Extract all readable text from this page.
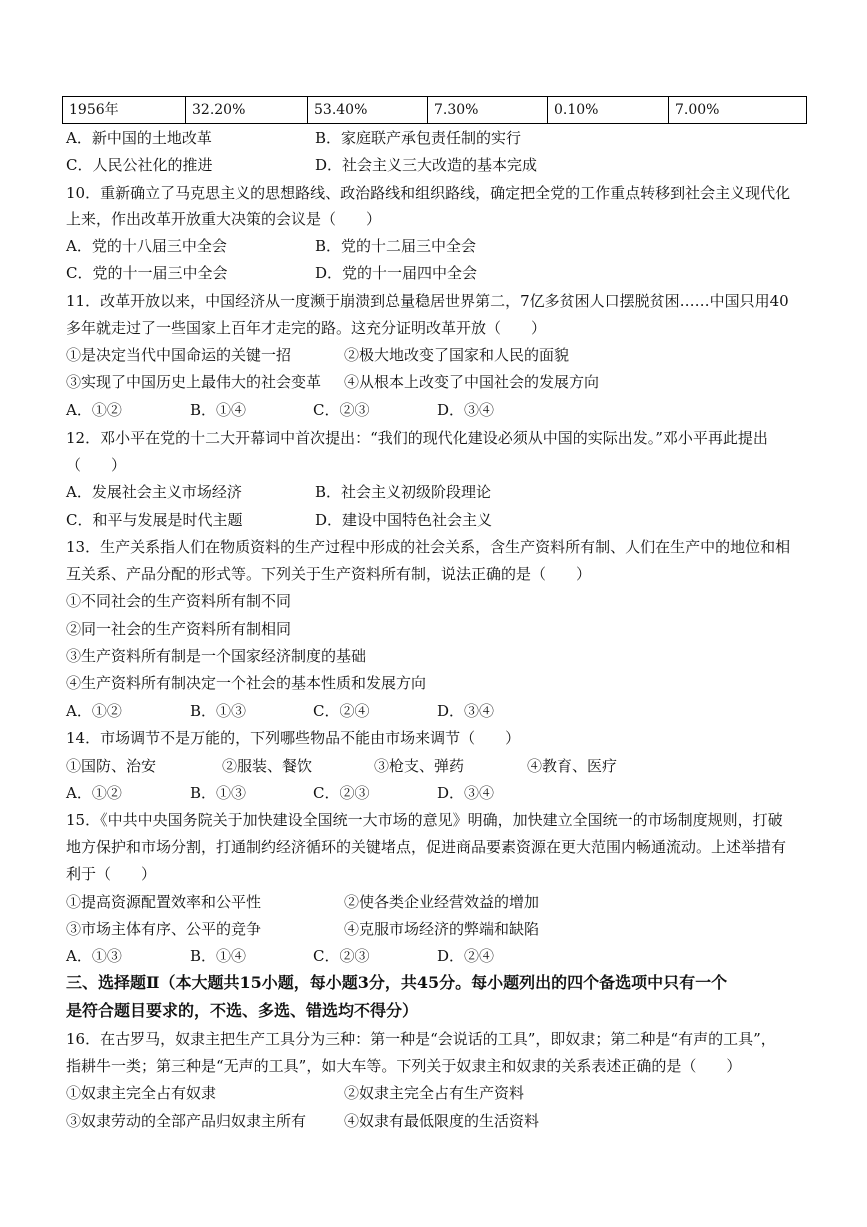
1956年	32.20%	53.40%	7.30%	0.10%	7.00%
A．新中国的土地改革	B．家庭联产承包责任制的实行
C．人民公社化的推进	D．社会主义三大改造的基本完成
10．重新确立了马克思主义的思想路线、政治路线和组织路线，确定把全党的工作重点转移到社会主义现代化
上来，作出改革开放重大决策的会议是（　　）
A．党的十八届三中全会	B．党的十二届三中全会
C．党的十一届三中全会	D．党的十一届四中全会
11．改革开放以来，中国经济从一度濒于崩溃到总量稳居世界第二，7亿多贫困人口摆脱贫困……中国只用40
多年就走过了一些国家上百年才走完的路。这充分证明改革开放（　　）
①是决定当代中国命运的关键一招	②极大地改变了国家和人民的面貌
③实现了中国历史上最伟大的社会变革 ④从根本上改变了中国社会的发展方向
A．①②	B．①④	C．②③	D．③④
12．邓小平在党的十二大开幕词中首次提出：“我们的现代化建设必须从中国的实际出发。”邓小平再此提出
（　　）
A．发展社会主义市场经济	B．社会主义初级阶段理论
C．和平与发展是时代主题	D．建设中国特色社会主义
13．生产关系指人们在物质资料的生产过程中形成的社会关系，含生产资料所有制、人们在生产中的地位和相
互关系、产品分配的形式等。下列关于生产资料所有制，说法正确的是（　　）
①不同社会的生产资料所有制不同
②同一社会的生产资料所有制相同
③生产资料所有制是一个国家经济制度的基础
④生产资料所有制决定一个社会的基本性质和发展方向
A．①②	B．①③	C．②④	D．③④
14．市场调节不是万能的，下列哪些物品不能由市场来调节（　　）
①国防、治安	②服装、餐饮	③枪支、弹药	④教育、医疗
A．①②	B．①③	C．②③	D．③④
15．《中共中央国务院关于加快建设全国统一大市场的意见》明确，加快建立全国统一的市场制度规则，打破
地方保护和市场分割，打通制约经济循环的关键堵点，促进商品要素资源在更大范围内畅通流动。上述举措有
利于（　　）
①提高资源配置效率和公平性	②使各类企业经营效益的增加
③市场主体有序、公平的竞争	④克服市场经济的弊端和缺陷
A．①③	B．①④	C．②③	D．②④
三、选择题Ⅱ（本大题共15小题，每小题3分，共45分。每小题列出的四个备选项中只有一个
是符合题目要求的，不选、多选、错选均不得分）
16．在古罗马，奴隶主把生产工具分为三种：第一种是“会说话的工具”，即奴隶；第二种是“有声的工具”，
指耕牛一类；第三种是“无声的工具”，如大车等。下列关于奴隶主和奴隶的关系表述正确的是（　　）
①奴隶主完全占有奴隶	②奴隶主完全占有生产资料
③奴隶劳动的全部产品归奴隶主所有	④奴隶有最低限度的生活资料
